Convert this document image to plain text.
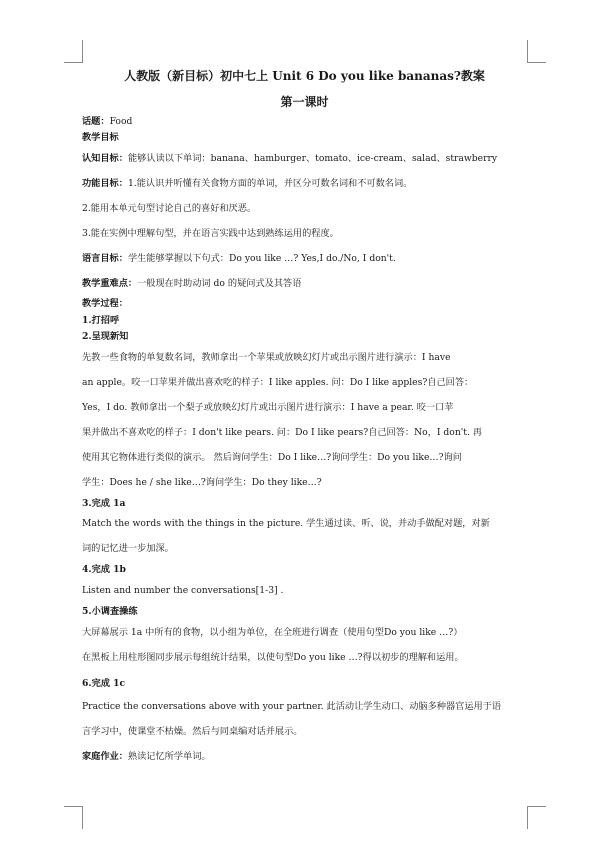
人教版（新目标）初中七上 Unit 6 Do you like bananas?教案
第一课时
话题：Food
教学目标
认知目标：能够认读以下单词：banana、hamburger、tomato、ice-cream、salad、strawberry
功能目标：1.能认识并听懂有关食物方面的单词，并区分可数名词和不可数名词。
2.能用本单元句型讨论自己的喜好和厌恶。
3.能在实例中理解句型，并在语言实践中达到熟练运用的程度。
语言目标：学生能够掌握以下句式：Do you like …? Yes,I do./No, I don't.
教学重难点：一般现在时助动词 do 的疑问式及其答语
教学过程：
1.打招呼
2.呈现新知
先教一些食物的单复数名词，教师拿出一个苹果或放映幻灯片或出示图片进行演示：I have
an apple。咬一口苹果并做出喜欢吃的样子：I like apples. 问：Do I like apples?自己回答：
Yes，I do. 教师拿出一个梨子或放映幻灯片或出示图片进行演示：I have a pear. 咬一口苹
果并做出不喜欢吃的样子：I don't like pears. 问：Do I like pears?自己回答：No，I don't. 再
使用其它物体进行类似的演示。 然后询问学生：Do I like…?询问学生：Do you like…?询问
学生：Does he / she like…?询问学生：Do they like…?
3.完成 1a
Match the words with the things in the picture. 学生通过读、听、说，并动手做配对题，对新
词的记忆进一步加深。
4.完成 1b
Listen and number the conversations[1-3] .
5.小调查操练
大屏幕展示 1a 中所有的食物，以小组为单位，在全班进行调查（使用句型Do you like …?）
在黑板上用柱形图同步展示每组统计结果，以使句型Do you like …?得以初步的理解和运用。
6.完成 1c
Practice the conversations above with your partner. 此活动让学生动口、动脑多种器官运用于语
言学习中，使课堂不枯燥。然后与同桌编对话并展示。
家庭作业：熟读记忆所学单词。
